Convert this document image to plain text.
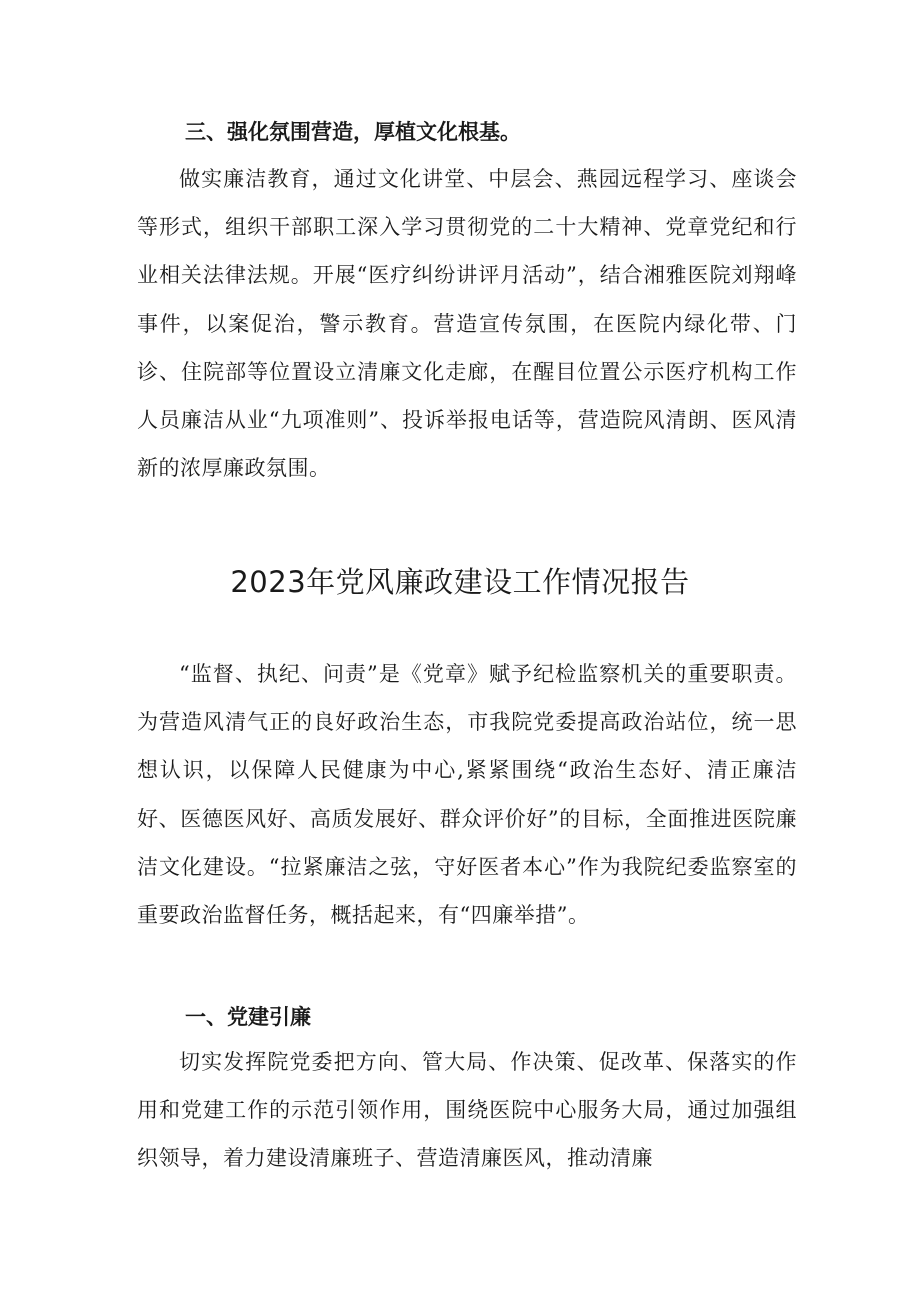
三、强化氛围营造，厚植文化根基。

做实廉洁教育，通过文化讲堂、中层会、燕园远程学习、座谈会等形式，组织干部职工深入学习贯彻党的二十大精神、党章党纪和行业相关法律法规。开展“医疗纠纷讲评月活动”，结合湘雅医院刘翔峰事件，以案促治，警示教育。营造宣传氛围，在医院内绿化带、门诊、住院部等位置设立清廉文化走廊，在醒目位置公示医疗机构工作人员廉洁从业“九项准则”、投诉举报电话等，营造院风清朗、医风清新的浓厚廉政氛围。

2023年党风廉政建设工作情况报告

“监督、执纪、问责”是《党章》赋予纪检监察机关的重要职责。为营造风清气正的良好政治生态，市我院党委提高政治站位，统一思想认识，以保障人民健康为中心,紧紧围绕“政治生态好、清正廉洁好、医德医风好、高质发展好、群众评价好”的目标，全面推进医院廉洁文化建设。“拉紧廉洁之弦，守好医者本心”作为我院纪委监察室的重要政治监督任务，概括起来，有“四廉举措”。

一、党建引廉

切实发挥院党委把方向、管大局、作决策、促改革、保落实的作用和党建工作的示范引领作用，围绕医院中心服务大局，通过加强组织领导，着力建设清廉班子、营造清廉医风，推动清廉
